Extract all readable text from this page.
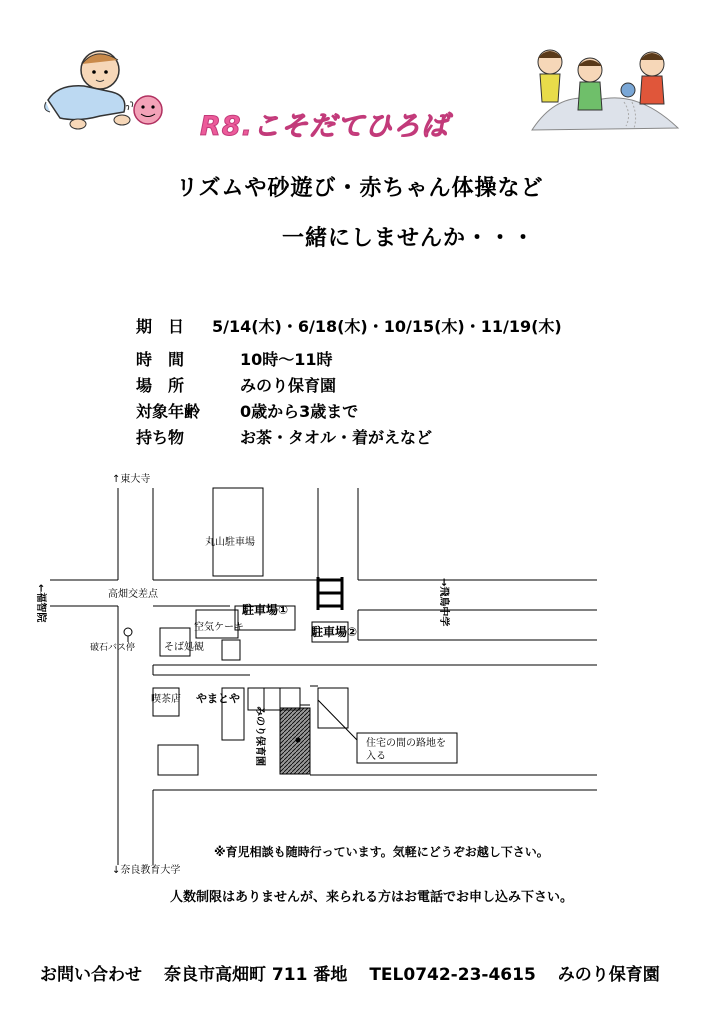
R8.こそだてひろば
リズムや砂遊び・赤ちゃん体操など
一緒にしませんか・・・
期　日 5/14(木)・6/18(木)・10/15(木)・11/19(木)
時　間	10時～11時
場　所	みのり保育園
対象年齢 0歳から3歳まで
持ち物	お茶・タオル・着がえなど
↑東大寺
丸山駐車場
高畑交差点
←福智院	→飛鳥中学
駐車場①
駐車場②
空気ケーキ
そば処観
破石バス停
喫茶店 やまとや
みのり保育園	住宅の間の路地を
入る
↓奈良教育大学
※育児相談も随時行っています。気軽にどうぞお越し下さい。
人数制限はありませんが、来られる方はお電話でお申し込み下さい。
お問い合わせ 奈良市高畑町 711 番地 TEL0742-23-4615 みのり保育園
